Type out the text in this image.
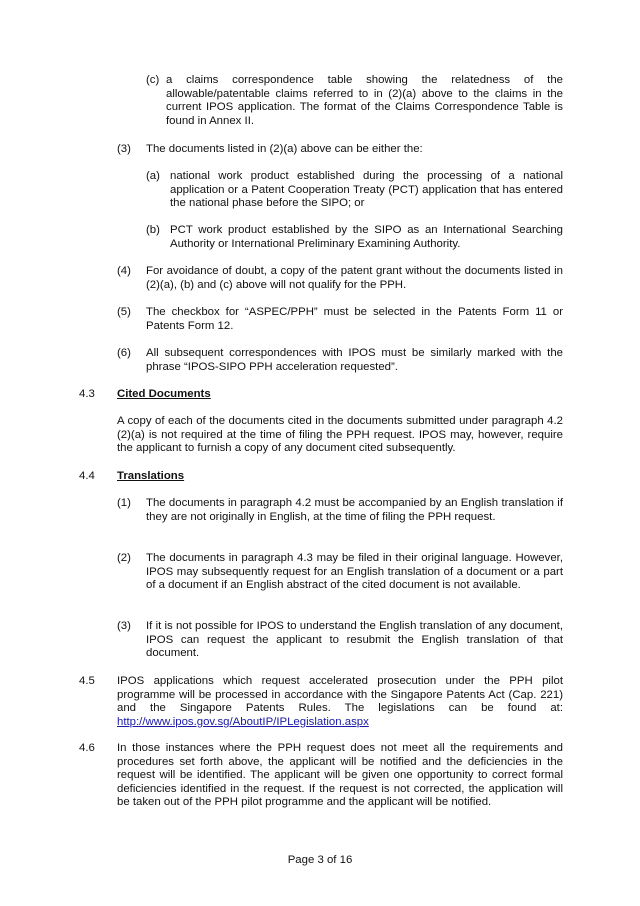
(c) a claims correspondence table showing the relatedness of the allowable/patentable claims referred to in (2)(a) above to the claims in the current IPOS application. The format of the Claims Correspondence Table is found in Annex II.
(3) The documents listed in (2)(a) above can be either the:
(a) national work product established during the processing of a national application or a Patent Cooperation Treaty (PCT) application that has entered the national phase before the SIPO; or
(b) PCT work product established by the SIPO as an International Searching Authority or International Preliminary Examining Authority.
(4) For avoidance of doubt, a copy of the patent grant without the documents listed in (2)(a), (b) and (c) above will not qualify for the PPH.
(5) The checkbox for “ASPEC/PPH” must be selected in the Patents Form 11 or Patents Form 12.
(6) All subsequent correspondences with IPOS must be similarly marked with the phrase “IPOS-SIPO PPH acceleration requested”.
4.3 Cited Documents
A copy of each of the documents cited in the documents submitted under paragraph 4.2 (2)(a) is not required at the time of filing the PPH request. IPOS may, however, require the applicant to furnish a copy of any document cited subsequently.
4.4 Translations
(1) The documents in paragraph 4.2 must be accompanied by an English translation if they are not originally in English, at the time of filing the PPH request.
(2) The documents in paragraph 4.3 may be filed in their original language. However, IPOS may subsequently request for an English translation of a document or a part of a document if an English abstract of the cited document is not available.
(3) If it is not possible for IPOS to understand the English translation of any document, IPOS can request the applicant to resubmit the English translation of that document.
4.5 IPOS applications which request accelerated prosecution under the PPH pilot programme will be processed in accordance with the Singapore Patents Act (Cap. 221) and the Singapore Patents Rules. The legislations can be found at: http://www.ipos.gov.sg/AboutIP/IPLegislation.aspx
4.6 In those instances where the PPH request does not meet all the requirements and procedures set forth above, the applicant will be notified and the deficiencies in the request will be identified. The applicant will be given one opportunity to correct formal deficiencies identified in the request. If the request is not corrected, the application will be taken out of the PPH pilot programme and the applicant will be notified.
Page 3 of 16
